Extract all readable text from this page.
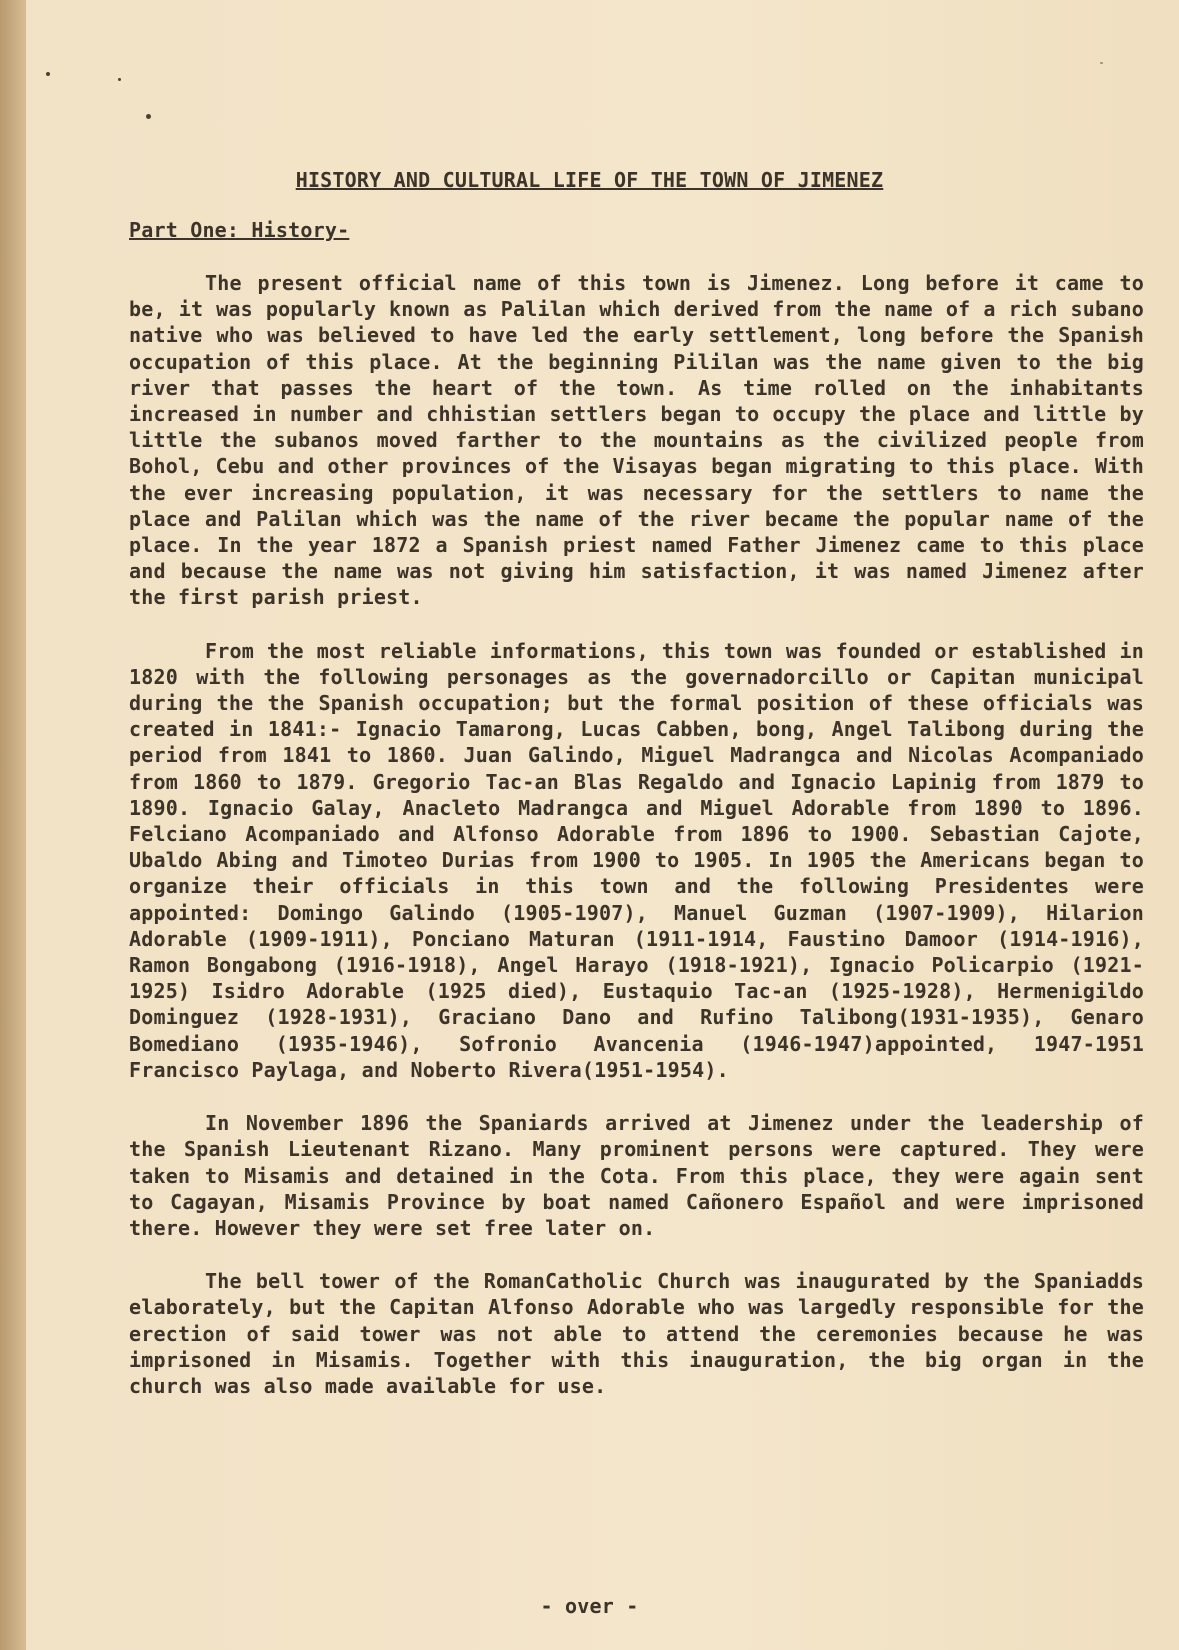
HISTORY AND CULTURAL LIFE OF THE TOWN OF JIMENEZ
Part One: History-

The present official name of this town is Jimenez. Long before it came to be, it was popularly known as Palilan which derived from the name of a rich subano native who was believed to have led the early settlement, long before the Spanish occupation of this place. At the beginning Pililan was the name given to the big river that passes the heart of the town. As time rolled on the inhabitants increased in number and chhistian settlers began to occupy the place and little by little the subanos moved farther to the mountains as the civilized people from Bohol, Cebu and other provinces of the Visayas began migrating to this place. With the ever increasing population, it was necessary for the settlers to name the place and Palilan which was the name of the river became the popular name of the place. In the year 1872 a Spanish priest named Father Jimenez came to this place and because the name was not giving him satisfaction, it was named Jimenez after the first parish priest.

From the most reliable informations, this town was founded or established in 1820 with the following personages as the governadorcillo or Capitan municipal during the the Spanish occupation; but the formal position of these officials was created in 1841:- Ignacio Tamarong, Lucas Cabben, bong, Angel Talibong during the period from 1841 to 1860. Juan Galindo, Miguel Madrangca and Nicolas Acompaniado from 1860 to 1879. Gregorio Tac-an Blas Regaldo and Ignacio Lapinig from 1879 to 1890. Ignacio Galay, Anacleto Madrangca and Miguel Adorable from 1890 to 1896. Felciano Acompaniado and Alfonso Adorable from 1896 to 1900. Sebastian Cajote, Ubaldo Abing and Timoteo Durias from 1900 to 1905. In 1905 the Americans began to organize their officials in this town and the following Presidentes were appointed: Domingo Galindo (1905-1907), Manuel Guzman (1907-1909), Hilarion Adorable (1909-1911), Ponciano Maturan (1911-1914, Faustino Damoor (1914-1916), Ramon Bongabong (1916-1918), Angel Harayo (1918-1921), Ignacio Policarpio (1921-1925) Isidro Adorable (1925 died), Eustaquio Tac-an (1925-1928), Hermenigildo Dominguez (1928-1931), Graciano Dano and Rufino Talibong(1931-1935), Genaro Bomediano (1935-1946), Sofronio Avancenia (1946-1947)appointed, 1947-1951 Francisco Paylaga, and Noberto Rivera(1951-1954).

In November 1896 the Spaniards arrived at Jimenez under the leadership of the Spanish Lieutenant Rizano. Many prominent persons were captured. They were taken to Misamis and detained in the Cota. From this place, they were again sent to Cagayan, Misamis Province by boat named Cañonero Español and were imprisoned there. However they were set free later on.

The bell tower of the RomanCatholic Church was inaugurated by the Spaniadds elaborately, but the Capitan Alfonso Adorable who was largedly responsible for the erection of said tower was not able to attend the ceremonies because he was imprisoned in Misamis. Together with this inauguration, the big organ in the church was also made available for use.

- over -
